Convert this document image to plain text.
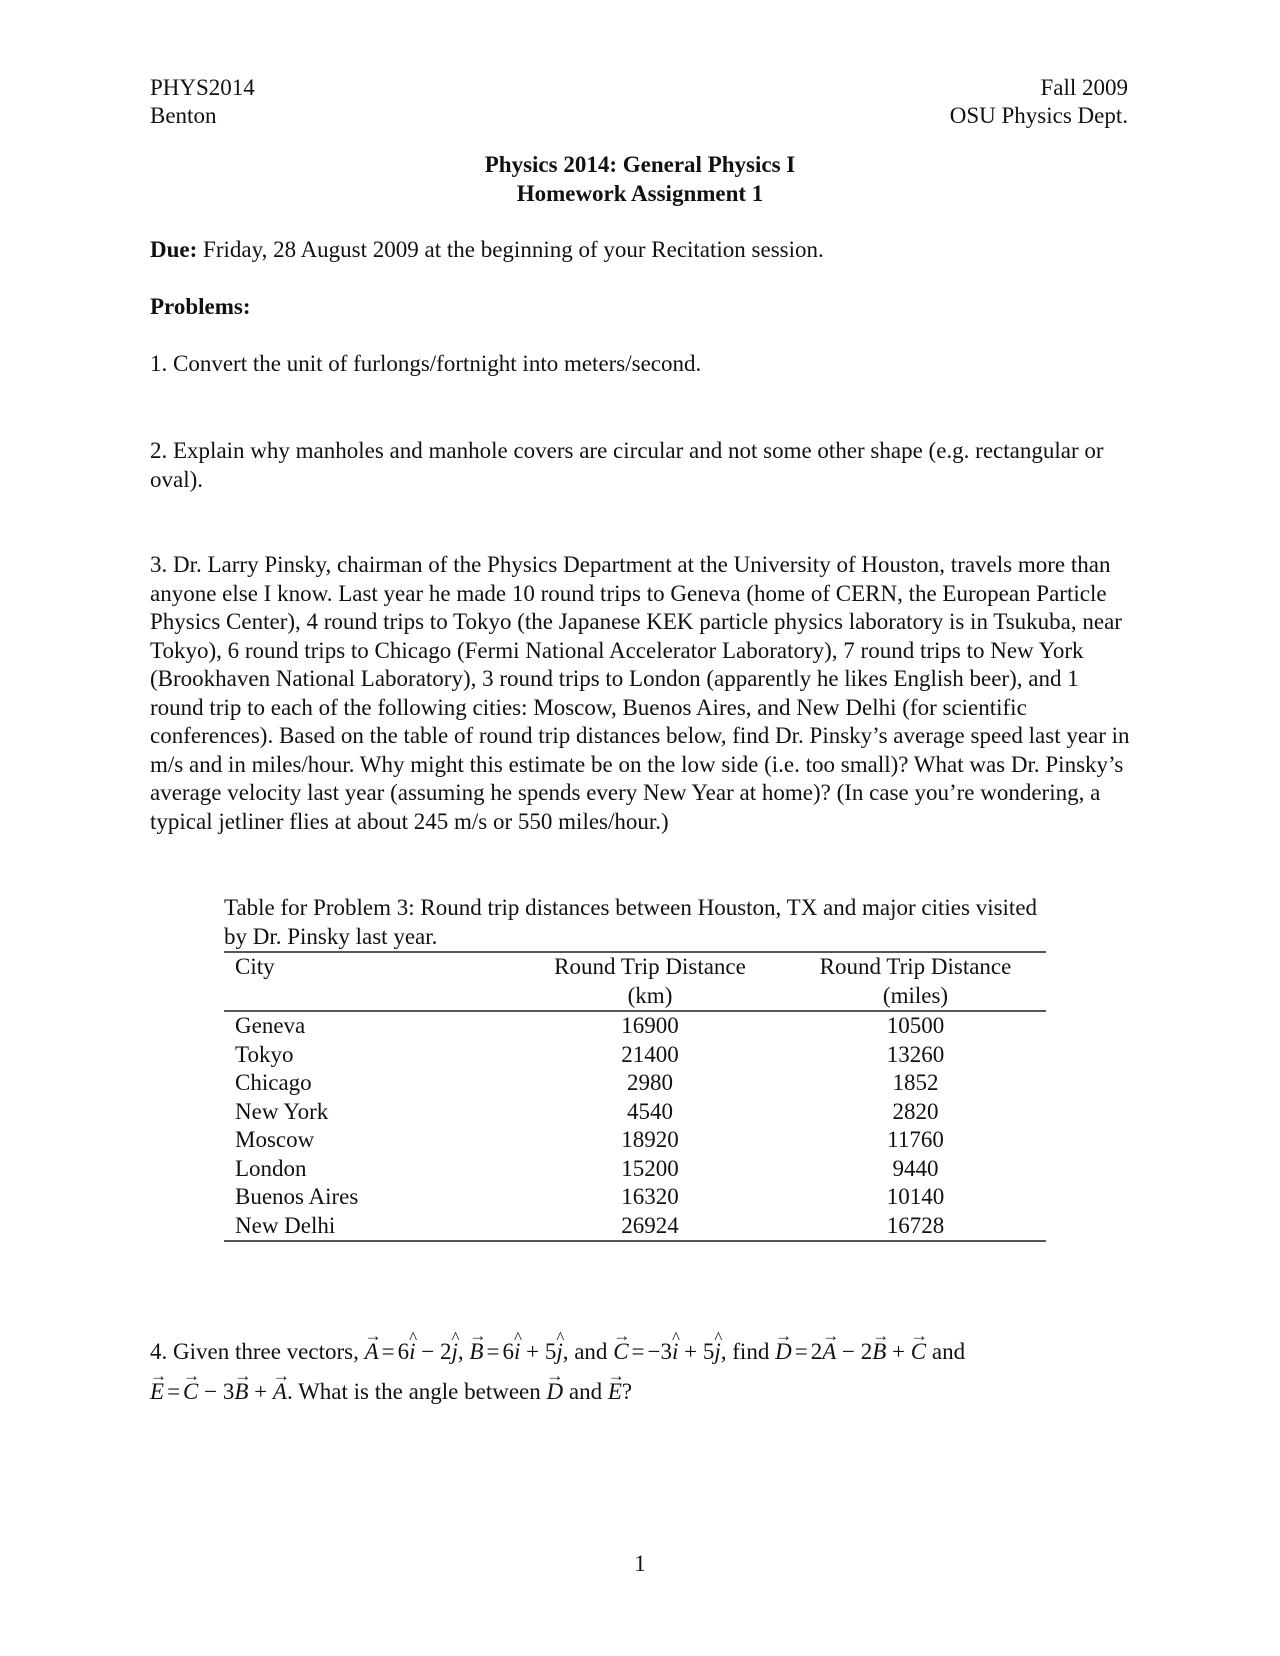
PHYS2014
Benton
Fall 2009
OSU Physics Dept.
Physics 2014: General Physics I
Homework Assignment 1
Due: Friday, 28 August 2009 at the beginning of your Recitation session.
Problems:
1. Convert the unit of furlongs/fortnight into meters/second.
2. Explain why manholes and manhole covers are circular and not some other shape (e.g. rectangular or oval).
3. Dr. Larry Pinsky, chairman of the Physics Department at the University of Houston, travels more than anyone else I know. Last year he made 10 round trips to Geneva (home of CERN, the European Particle Physics Center), 4 round trips to Tokyo (the Japanese KEK particle physics laboratory is in Tsukuba, near Tokyo), 6 round trips to Chicago (Fermi National Accelerator Laboratory), 7 round trips to New York (Brookhaven National Laboratory), 3 round trips to London (apparently he likes English beer), and 1 round trip to each of the following cities: Moscow, Buenos Aires, and New Delhi (for scientific conferences). Based on the table of round trip distances below, find Dr. Pinsky’s average speed last year in m/s and in miles/hour. Why might this estimate be on the low side (i.e. too small)? What was Dr. Pinsky’s average velocity last year (assuming he spends every New Year at home)? (In case you’re wondering, a typical jetliner flies at about 245 m/s or 550 miles/hour.)
Table for Problem 3: Round trip distances between Houston, TX and major cities visited by Dr. Pinsky last year.
City	Round Trip Distance	Round Trip Distance
	(km)	(miles)
Geneva	16900	10500
Tokyo	21400	13260
Chicago	2980	1852
New York	4540	2820
Moscow	18920	11760
London	15200	9440
Buenos Aires	16320	10140
New Delhi	26924	16728
4. Given three vectors, → A = 6^ i − 2^ j, → B = 6^ i + 5^ j, and → C = −3^ i + 5^ j, find → D = 2→ A − 2→ B + → C and
→ E = → C − 3→ B + → A. What is the angle between → D and → E?
1
